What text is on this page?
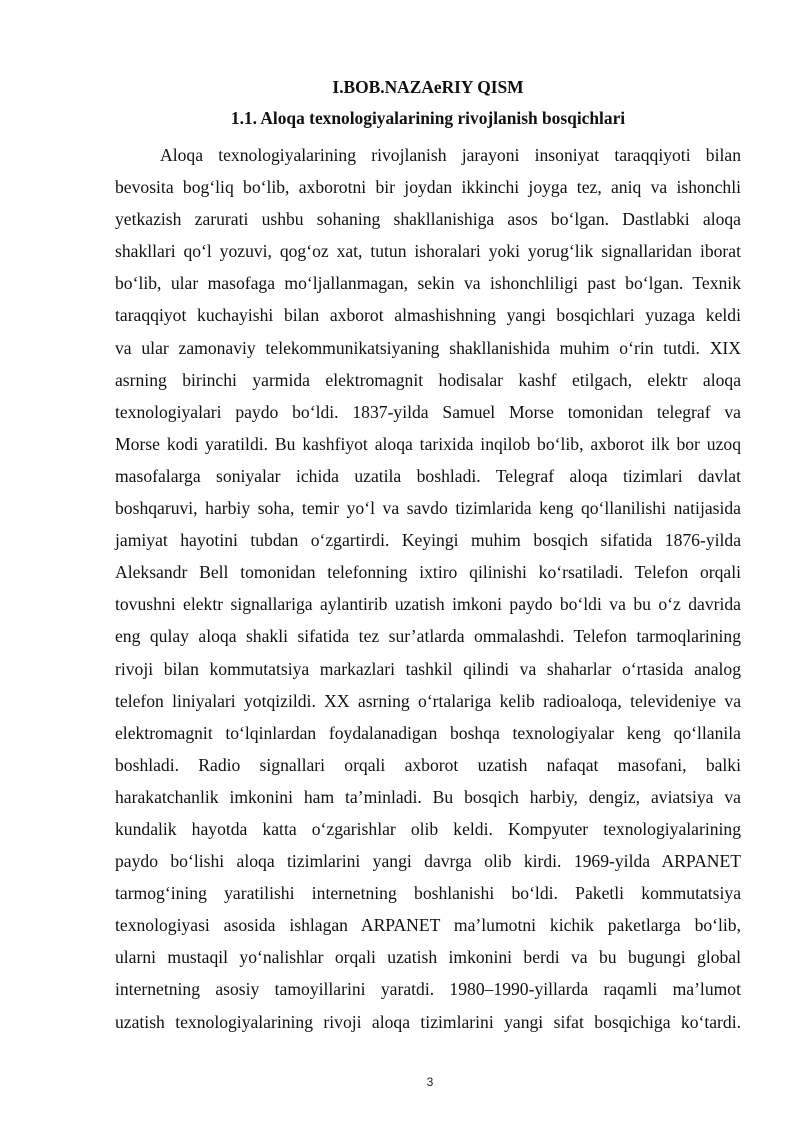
I.BOB.NAZAeRIY QISM
1.1. Aloqa texnologiyalarining rivojlanish bosqichlari
Aloqa texnologiyalarining rivojlanish jarayoni insoniyat taraqqiyoti bilan
bevosita bog‘liq bo‘lib, axborotni bir joydan ikkinchi joyga tez, aniq va ishonchli
yetkazish zarurati ushbu sohaning shakllanishiga asos bo‘lgan. Dastlabki aloqa
shakllari qo‘l yozuvi, qog‘oz xat, tutun ishoralari yoki yorug‘lik signallaridan iborat
bo‘lib, ular masofaga mo‘ljallanmagan, sekin va ishonchliligi past bo‘lgan. Texnik
taraqqiyot kuchayishi bilan axborot almashishning yangi bosqichlari yuzaga keldi
va ular zamonaviy telekommunikatsiyaning shakllanishida muhim o‘rin tutdi. XIX
asrning birinchi yarmida elektromagnit hodisalar kashf etilgach, elektr aloqa
texnologiyalari paydo bo‘ldi. 1837-yilda Samuel Morse tomonidan telegraf va
Morse kodi yaratildi. Bu kashfiyot aloqa tarixida inqilob bo‘lib, axborot ilk bor uzoq
masofalarga soniyalar ichida uzatila boshladi. Telegraf aloqa tizimlari davlat
boshqaruvi, harbiy soha, temir yo‘l va savdo tizimlarida keng qo‘llanilishi natijasida
jamiyat hayotini tubdan o‘zgartirdi. Keyingi muhim bosqich sifatida 1876-yilda
Aleksandr Bell tomonidan telefonning ixtiro qilinishi ko‘rsatiladi. Telefon orqali
tovushni elektr signallariga aylantirib uzatish imkoni paydo bo‘ldi va bu o‘z davrida
eng qulay aloqa shakli sifatida tez sur’atlarda ommalashdi. Telefon tarmoqlarining
rivoji bilan kommutatsiya markazlari tashkil qilindi va shaharlar o‘rtasida analog
telefon liniyalari yotqizildi. XX asrning o‘rtalariga kelib radioaloqa, televideniye va
elektromagnit to‘lqinlardan foydalanadigan boshqa texnologiyalar keng qo‘llanila
boshladi. Radio signallari orqali axborot uzatish nafaqat masofani, balki
harakatchanlik imkonini ham ta’minladi. Bu bosqich harbiy, dengiz, aviatsiya va
kundalik hayotda katta o‘zgarishlar olib keldi. Kompyuter texnologiyalarining
paydo bo‘lishi aloqa tizimlarini yangi davrga olib kirdi. 1969-yilda ARPANET
tarmog‘ining yaratilishi internetning boshlanishi bo‘ldi. Paketli kommutatsiya
texnologiyasi asosida ishlagan ARPANET ma’lumotni kichik paketlarga bo‘lib,
ularni mustaqil yo‘nalishlar orqali uzatish imkonini berdi va bu bugungi global
internetning asosiy tamoyillarini yaratdi. 1980–1990-yillarda raqamli ma’lumot
uzatish texnologiyalarining rivoji aloqa tizimlarini yangi sifat bosqichiga ko‘tardi.
3
